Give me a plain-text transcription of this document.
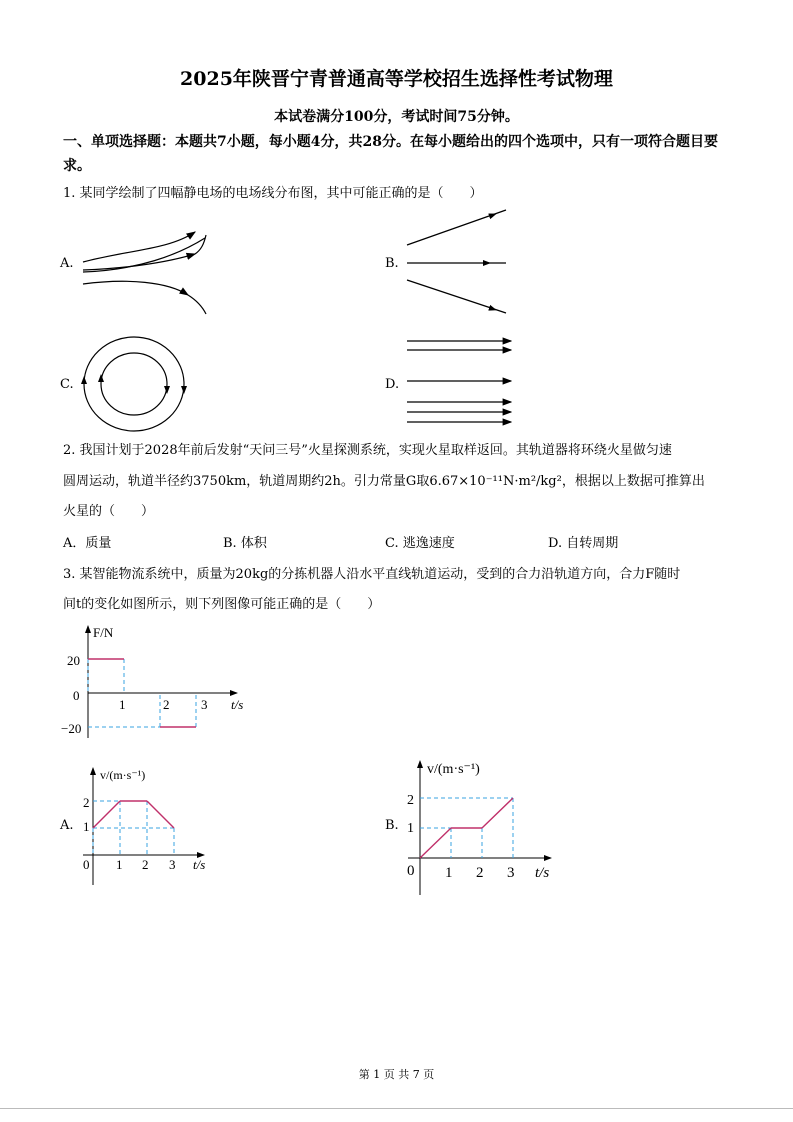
2025年陕晋宁青普通高等学校招生选择性考试物理
本试卷满分100分，考试时间75分钟。
一、单项选择题：本题共7小题，每小题4分，共28分。在每小题给出的四个选项中，只有一项符合题目要求。
1. 某同学绘制了四幅静电场的电场线分布图，其中可能正确的是（　　）
A.	B.
C.	D.
2. 我国计划于2028年前后发射“天问三号”火星探测系统，实现火星取样返回。其轨道器将环绕火星做匀速
圆周运动，轨道半径约3750km，轨道周期约2h。引力常量G取6.67×10⁻¹¹N·m²/kg²，根据以上数据可推算出
火星的（　　）
A．质量	B. 体积	C. 逃逸速度	D. 自转周期
3. 某智能物流系统中，质量为20kg的分拣机器人沿水平直线轨道运动，受到的合力沿轨道方向，合力F随时
间t的变化如图所示，则下列图像可能正确的是（　　）
F/N
t/s
20
0
−20
1	2 3
A.
v/(m·s⁻¹)
t/s
2
1
0 1 2 3
B.
v/(m·s⁻¹)
t/s
2
1
0 1 2 3
第 1 页 共 7 页
